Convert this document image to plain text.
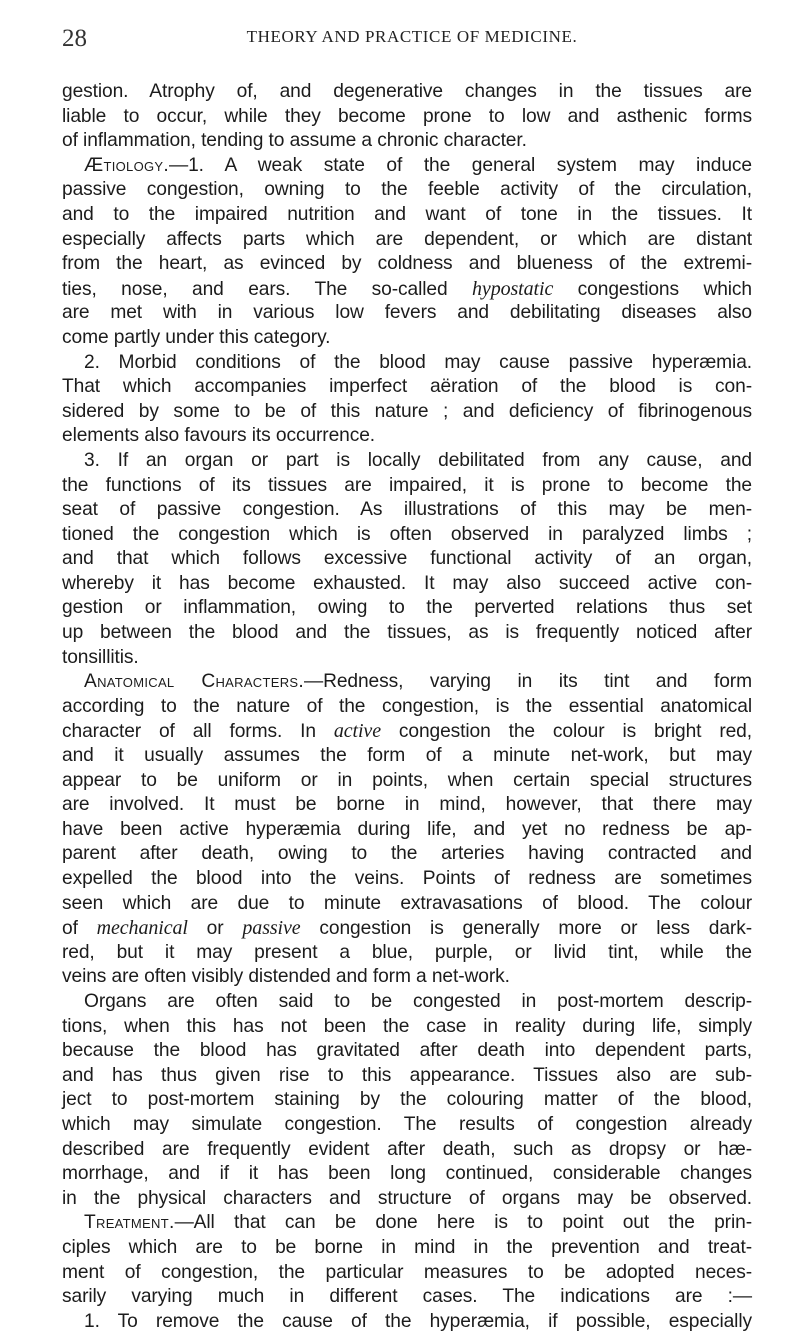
28	THEORY AND PRACTICE OF MEDICINE.
gestion. Atrophy of, and degenerative changes in the tissues are
liable to occur, while they become prone to low and asthenic forms
of inflammation, tending to assume a chronic character.
Ætiology.—1. A weak state of the general system may induce
passive congestion, owning to the feeble activity of the circulation,
and to the impaired nutrition and want of tone in the tissues. It
especially affects parts which are dependent, or which are distant
from the heart, as evinced by coldness and blueness of the extremi-
ties, nose, and ears. The so-called hypostatic congestions which
are met with in various low fevers and debilitating diseases also
come partly under this category.
2. Morbid conditions of the blood may cause passive hyperæmia.
That which accompanies imperfect aëration of the blood is con-
sidered by some to be of this nature ; and deficiency of fibrinogenous
elements also favours its occurrence.
3. If an organ or part is locally debilitated from any cause, and
the functions of its tissues are impaired, it is prone to become the
seat of passive congestion. As illustrations of this may be men-
tioned the congestion which is often observed in paralyzed limbs ;
and that which follows excessive functional activity of an organ,
whereby it has become exhausted. It may also succeed active con-
gestion or inflammation, owing to the perverted relations thus set
up between the blood and the tissues, as is frequently noticed after
tonsillitis.
Anatomical Characters.—Redness, varying in its tint and form
according to the nature of the congestion, is the essential anatomical
character of all forms. In active congestion the colour is bright red,
and it usually assumes the form of a minute net-work, but may
appear to be uniform or in points, when certain special structures
are involved. It must be borne in mind, however, that there may
have been active hyperæmia during life, and yet no redness be ap-
parent after death, owing to the arteries having contracted and
expelled the blood into the veins. Points of redness are sometimes
seen which are due to minute extravasations of blood. The colour
of mechanical or passive congestion is generally more or less dark-
red, but it may present a blue, purple, or livid tint, while the
veins are often visibly distended and form a net-work.
Organs are often said to be congested in post-mortem descrip-
tions, when this has not been the case in reality during life, simply
because the blood has gravitated after death into dependent parts,
and has thus given rise to this appearance. Tissues also are sub-
ject to post-mortem staining by the colouring matter of the blood,
which may simulate congestion. The results of congestion already
described are frequently evident after death, such as dropsy or hæ-
morrhage, and if it has been long continued, considerable changes
in the physical characters and structure of organs may be observed.
Treatment.—All that can be done here is to point out the prin-
ciples which are to be borne in mind in the prevention and treat-
ment of congestion, the particular measures to be adopted neces-
sarily varying much in different cases. The indications are :—
1. To remove the cause of the hyperæmia, if possible, especially
